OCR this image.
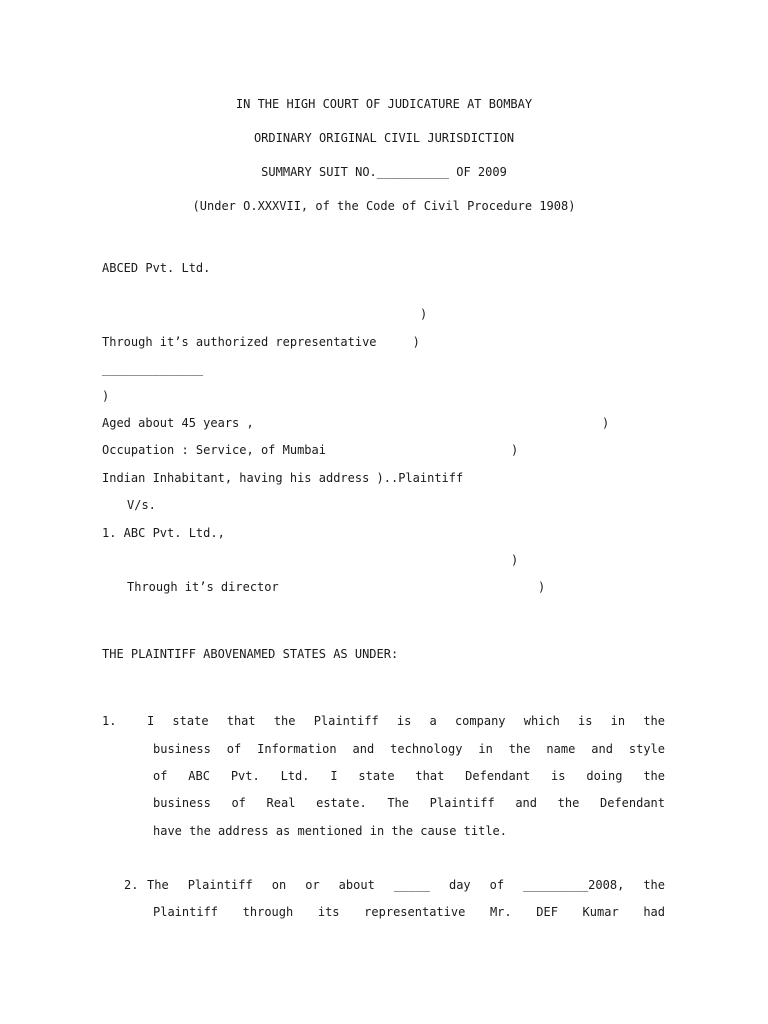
IN THE HIGH COURT OF JUDICATURE AT BOMBAY
ORDINARY ORIGINAL CIVIL JURISDICTION
SUMMARY SUIT NO.__________ OF 2009
(Under O.XXXVII, of the Code of Civil Procedure 1908)
ABCED Pvt. Ltd.
)
Through it’s authorized representative     )
______________
)
Aged about 45 years ,	)
Occupation : Service, of Mumbai	)
Indian Inhabitant, having his address )..Plaintiff
V/s.
1. ABC Pvt. Ltd.,
)
Through it’s director	)
THE PLAINTIFF ABOVENAMED STATES AS UNDER:
1.	I state that the Plaintiff is a company which is in the
business of Information and technology in the name and style
of ABC Pvt. Ltd. I state that Defendant is doing the
business of Real estate. The Plaintiff and the Defendant
have the address as mentioned in the cause title.
2. The Plaintiff on or about _____ day of _________2008, the
Plaintiff through its representative Mr. DEF Kumar had
